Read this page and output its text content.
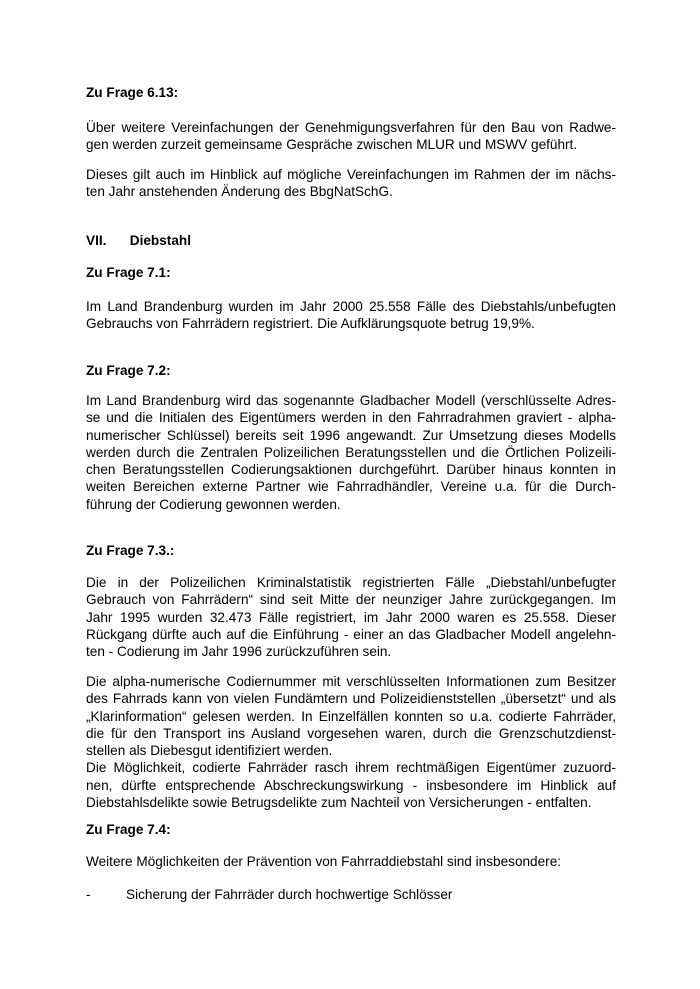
Zu Frage 6.13:

Über weitere Vereinfachungen der Genehmigungsverfahren für den Bau von Radwe-
gen werden zurzeit gemeinsame Gespräche zwischen MLUR und MSWV geführt.

Dieses gilt auch im Hinblick auf mögliche Vereinfachungen im Rahmen der im nächs-
ten Jahr anstehenden Änderung des BbgNatSchG.

VII. Diebstahl

Zu Frage 7.1:

Im Land Brandenburg wurden im Jahr 2000 25.558 Fälle des Diebstahls/unbefugten
Gebrauchs von Fahrrädern registriert. Die Aufklärungsquote betrug 19,9%.

Zu Frage 7.2:

Im Land Brandenburg wird das sogenannte Gladbacher Modell (verschlüsselte Adres-
se und die Initialen des Eigentümers werden in den Fahrradrahmen graviert - alpha-
numerischer Schlüssel) bereits seit 1996 angewandt. Zur Umsetzung dieses Modells
werden durch die Zentralen Polizeilichen Beratungsstellen und die Örtlichen Polizeili-
chen Beratungsstellen Codierungsaktionen durchgeführt. Darüber hinaus konnten in
weiten Bereichen externe Partner wie Fahrradhändler, Vereine u.a. für die Durch-
führung der Codierung gewonnen werden.

Zu Frage 7.3.:

Die in der Polizeilichen Kriminalstatistik registrierten Fälle „Diebstahl/unbefugter
Gebrauch von Fahrrädern“ sind seit Mitte der neunziger Jahre zurückgegangen. Im
Jahr 1995 wurden 32.473 Fälle registriert, im Jahr 2000 waren es 25.558. Dieser
Rückgang dürfte auch auf die Einführung - einer an das Gladbacher Modell angelehn-
ten - Codierung im Jahr 1996 zurückzuführen sein.

Die alpha-numerische Codiernummer mit verschlüsselten Informationen zum Besitzer
des Fahrrads kann von vielen Fundämtern und Polizeidienststellen „übersetzt“ und als
„Klarinformation“ gelesen werden. In Einzelfällen konnten so u.a. codierte Fahrräder,
die für den Transport ins Ausland vorgesehen waren, durch die Grenzschutzdienst-
stellen als Diebesgut identifiziert werden.
Die Möglichkeit, codierte Fahrräder rasch ihrem rechtmäßigen Eigentümer zuzuord-
nen, dürfte entsprechende Abschreckungswirkung - insbesondere im Hinblick auf
Diebstahlsdelikte sowie Betrugsdelikte zum Nachteil von Versicherungen - entfalten.

Zu Frage 7.4:

Weitere Möglichkeiten der Prävention von Fahrraddiebstahl sind insbesondere:

-	Sicherung der Fahrräder durch hochwertige Schlösser
